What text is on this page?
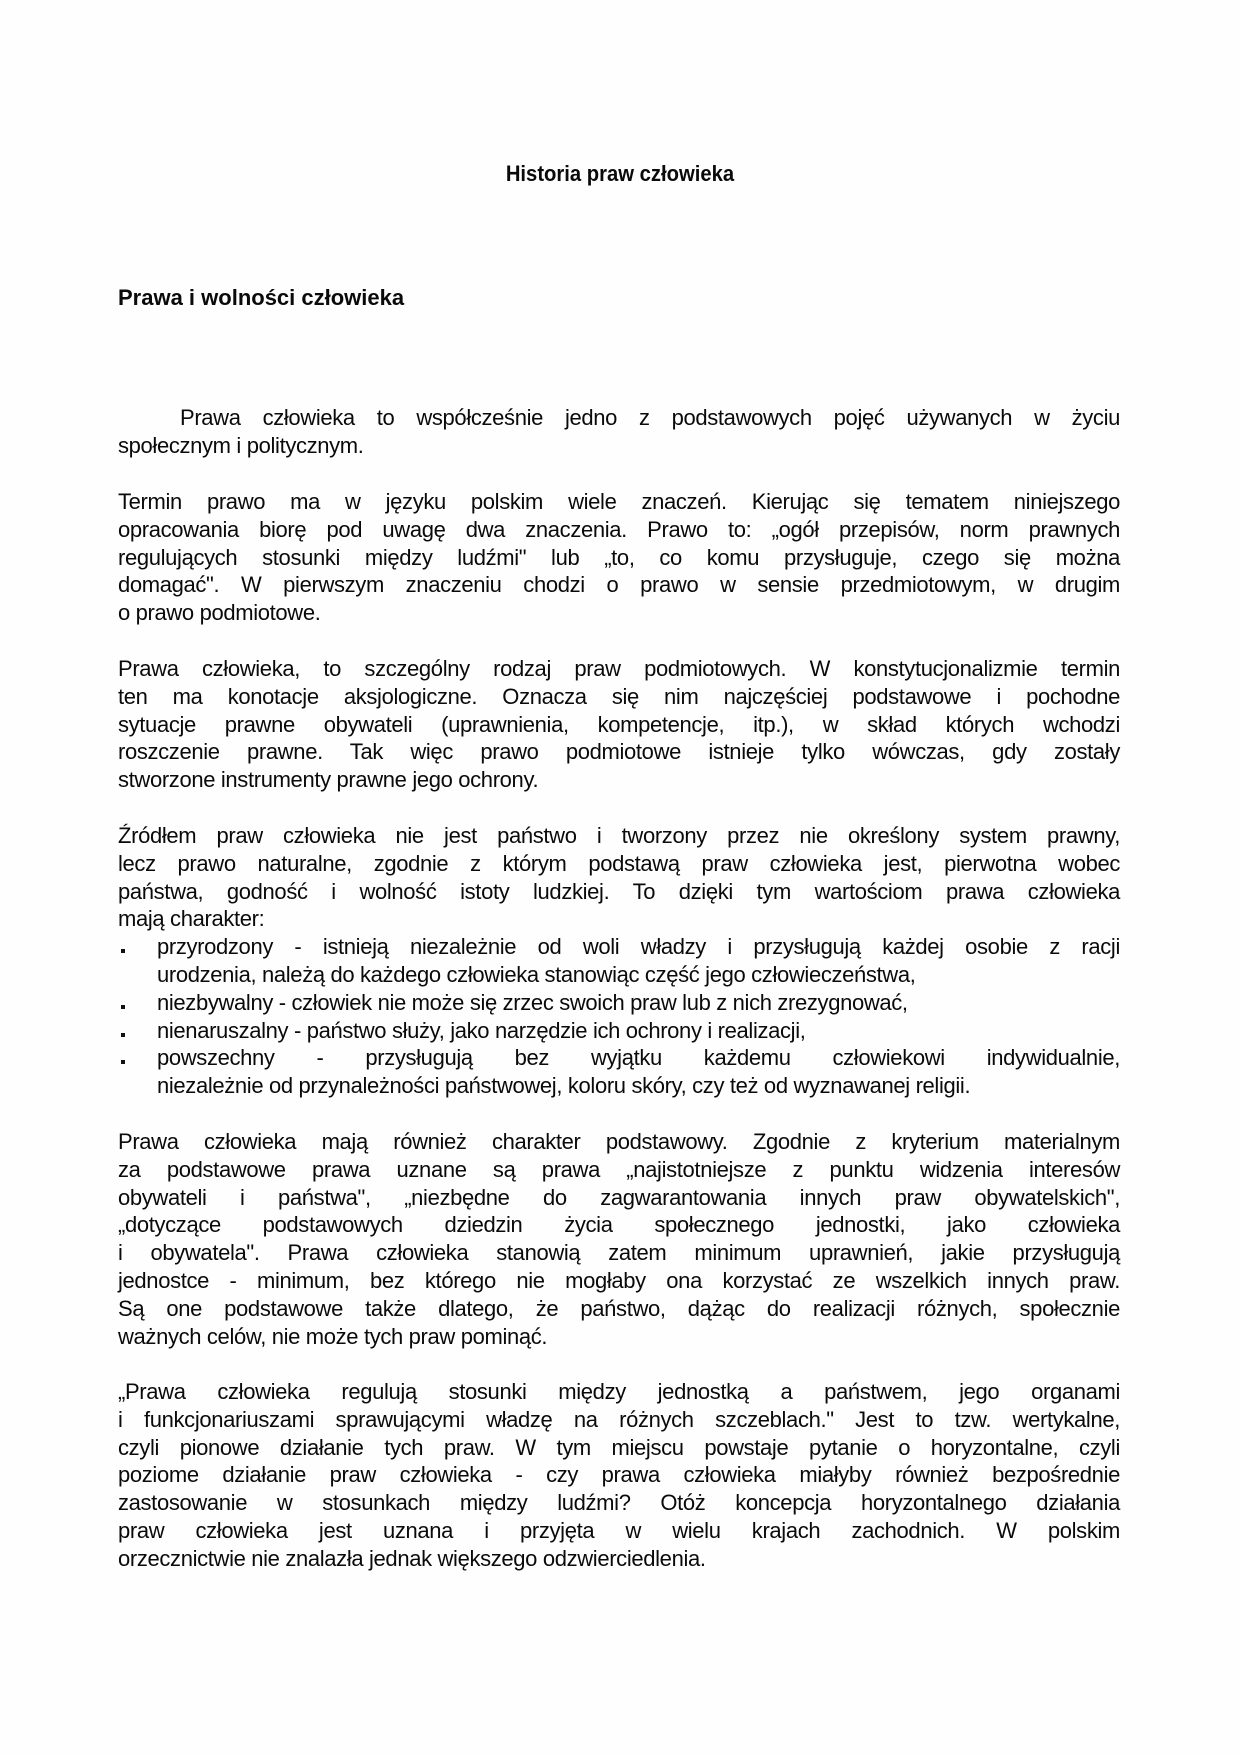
Historia praw człowieka
Prawa i wolności człowieka
Prawa człowieka to współcześnie jedno z podstawowych pojęć używanych w życiu
społecznym i politycznym.
Termin prawo ma w języku polskim wiele znaczeń. Kierując się tematem niniejszego
opracowania biorę pod uwagę dwa znaczenia. Prawo to: „ogół przepisów, norm prawnych
regulujących stosunki między ludźmi" lub „to, co komu przysługuje, czego się można
domagać". W pierwszym znaczeniu chodzi o prawo w sensie przedmiotowym, w drugim
o prawo podmiotowe.
Prawa człowieka, to szczególny rodzaj praw podmiotowych. W konstytucjonalizmie termin
ten ma konotacje aksjologiczne. Oznacza się nim najczęściej podstawowe i pochodne
sytuacje prawne obywateli (uprawnienia, kompetencje, itp.), w skład których wchodzi
roszczenie prawne. Tak więc prawo podmiotowe istnieje tylko wówczas, gdy zostały
stworzone instrumenty prawne jego ochrony.
Źródłem praw człowieka nie jest państwo i tworzony przez nie określony system prawny,
lecz prawo naturalne, zgodnie z którym podstawą praw człowieka jest, pierwotna wobec
państwa, godność i wolność istoty ludzkiej. To dzięki tym wartościom prawa człowieka
mają charakter:
przyrodzony - istnieją niezależnie od woli władzy i przysługują każdej osobie z racji
urodzenia, należą do każdego człowieka stanowiąc część jego człowieczeństwa,
niezbywalny - człowiek nie może się zrzec swoich praw lub z nich zrezygnować,
nienaruszalny - państwo służy, jako narzędzie ich ochrony i realizacji,
powszechny - przysługują bez wyjątku każdemu człowiekowi indywidualnie,
niezależnie od przynależności państwowej, koloru skóry, czy też od wyznawanej religii.
Prawa człowieka mają również charakter podstawowy. Zgodnie z kryterium materialnym
za podstawowe prawa uznane są prawa „najistotniejsze z punktu widzenia interesów
obywateli i państwa", „niezbędne do zagwarantowania innych praw obywatelskich",
„dotyczące podstawowych dziedzin życia społecznego jednostki, jako człowieka
i obywatela". Prawa człowieka stanowią zatem minimum uprawnień, jakie przysługują
jednostce - minimum, bez którego nie mogłaby ona korzystać ze wszelkich innych praw.
Są one podstawowe także dlatego, że państwo, dążąc do realizacji różnych, społecznie
ważnych celów, nie może tych praw pominąć.
„Prawa człowieka regulują stosunki między jednostką a państwem, jego organami
i funkcjonariuszami sprawującymi władzę na różnych szczeblach." Jest to tzw. wertykalne,
czyli pionowe działanie tych praw. W tym miejscu powstaje pytanie o horyzontalne, czyli
poziome działanie praw człowieka - czy prawa człowieka miałyby również bezpośrednie
zastosowanie w stosunkach między ludźmi? Otóż koncepcja horyzontalnego działania
praw człowieka jest uznana i przyjęta w wielu krajach zachodnich. W polskim
orzecznictwie nie znalazła jednak większego odzwierciedlenia.
